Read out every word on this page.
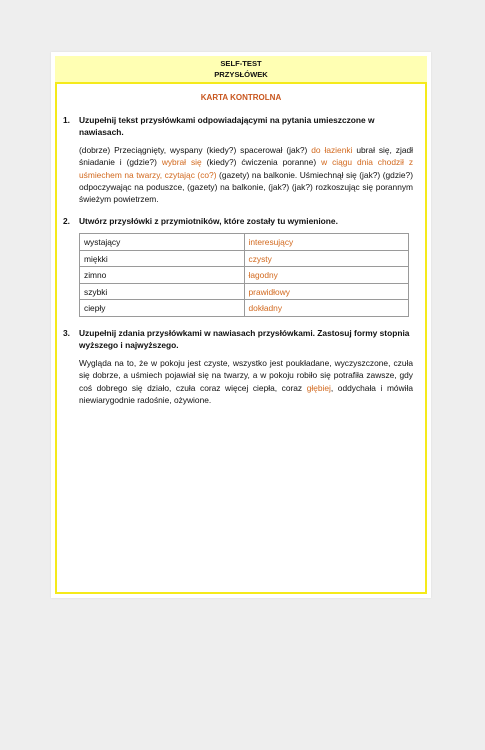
SELF-TEST
PRZYSŁÓWEK
KARTA KONTROLNA
1. Uzupełnij tekst przysłówkami odpowiadającymi na pytania umieszczone w nawiasach.
(dobrze) Przeciągnięty, wyspany (kiedy?) spacerował (jak?) do łazienki ubrał się, zjadł śniadanie i (gdzie?) wybrał się (kiedy?) ćwiczenia poranne) w ciągu dnia chodził z uśmiechem na twarzy, czytając (co?) (gazety) na balkonie. Uśmiechnął się (jak?) (gdzie?) odpoczywając na poduszce, (gazety) na balkonie, (jak?) (jak?) rozkoszując się porannym świeżym powietrzem.
2. Utwórz przysłówki z przymiotników, które zostały tu wymienione.
wystający	interesujący
miękki	czysty
zimno	łagodny
szybki	prawidłowy
ciepły	dokładny
3. Uzupełnij zdania przysłówkami w nawiasach przysłówkami. Zastosuj formy stopnia wyższego i najwyższego.
Wygląda na to, że w pokoju jest czyste, wszystko jest poukładane, wyczyszczone, czuła się dobrze, a uśmiech pojawiał się na twarzy, a w pokoju robiło się potrafiła zawsze, gdy coś dobrego się działo, czuła coraz więcej ciepła, coraz głębiej, oddychała i mówiła niewiarygodnie radośnie, ożywione.
